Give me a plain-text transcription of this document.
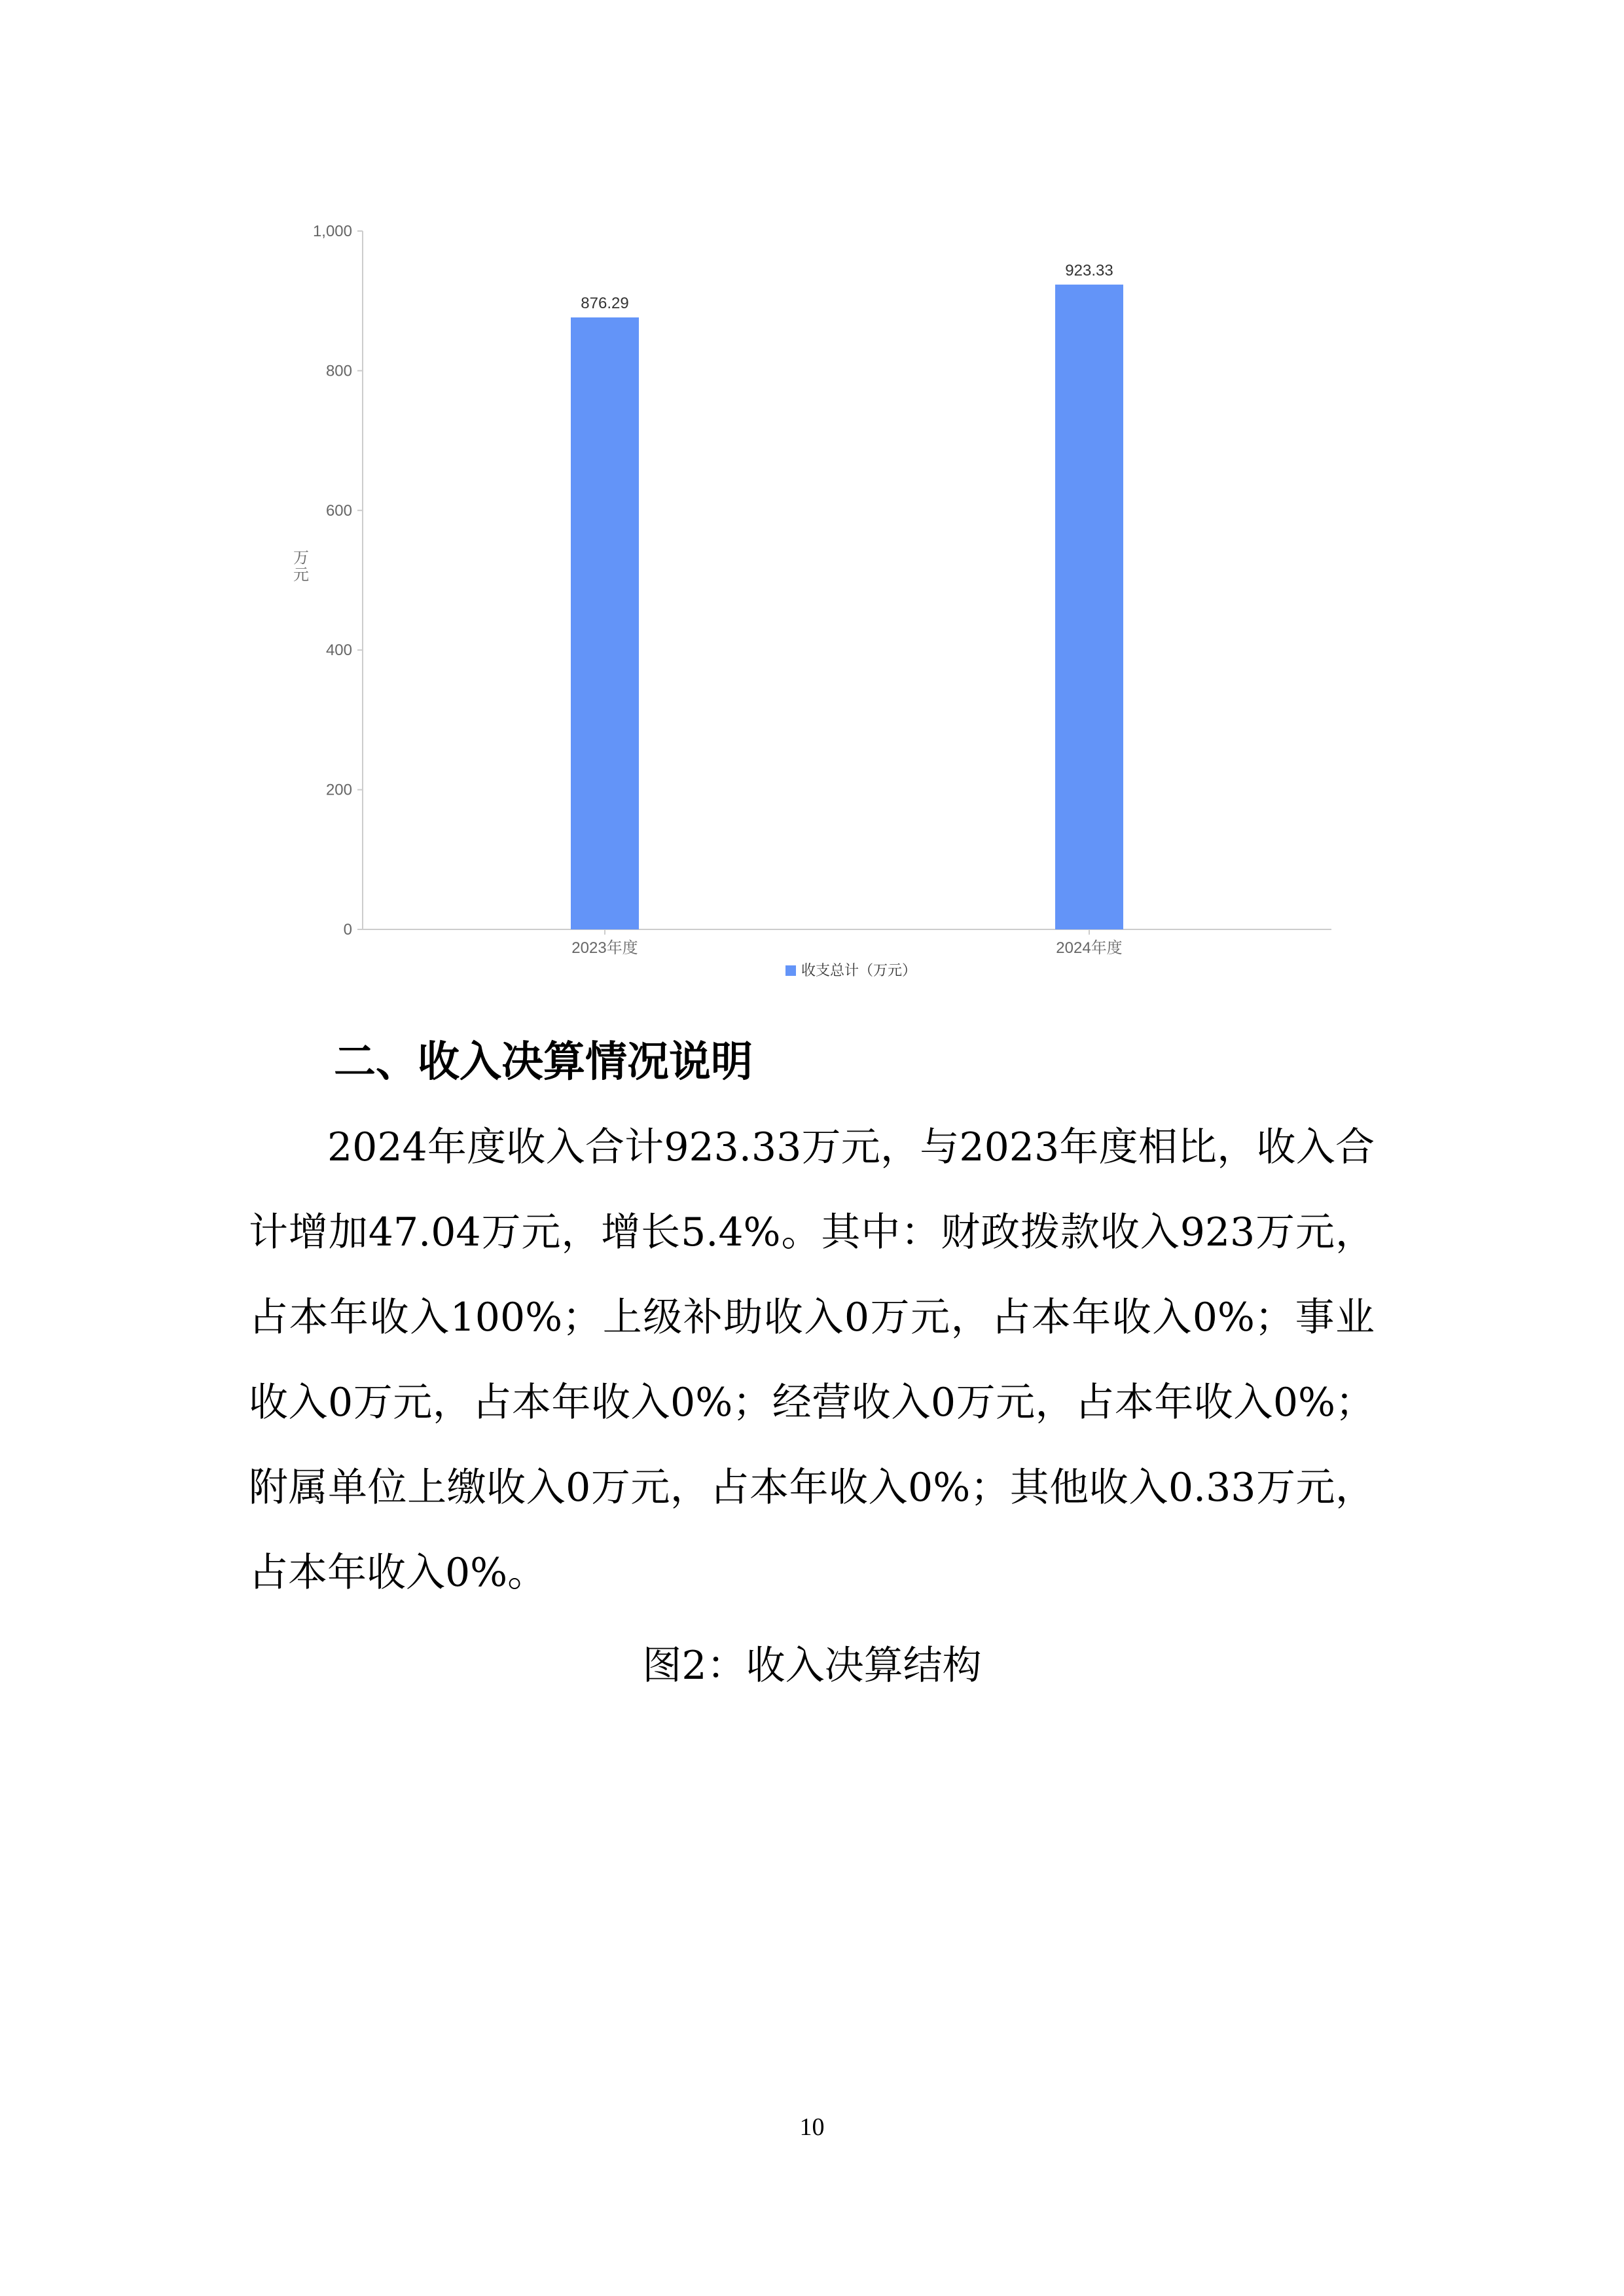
0
200
400
600
800
1,000
万元
876.29
2023年度
923.33
2024年度
收支总计（万元）
二、收入决算情况说明
2024年度收入合计923.33万元，与2023年度相比，收入合计增加47.04万元，增长5.4%。其中：财政拨款收入923万元，占本年收入100%；上级补助收入0万元，占本年收入0%；事业收入0万元，占本年收入0%；经营收入0万元，占本年收入0%；附属单位上缴收入0万元，占本年收入0%；其他收入0.33万元，占本年收入0%。
图2：收入决算结构
10
